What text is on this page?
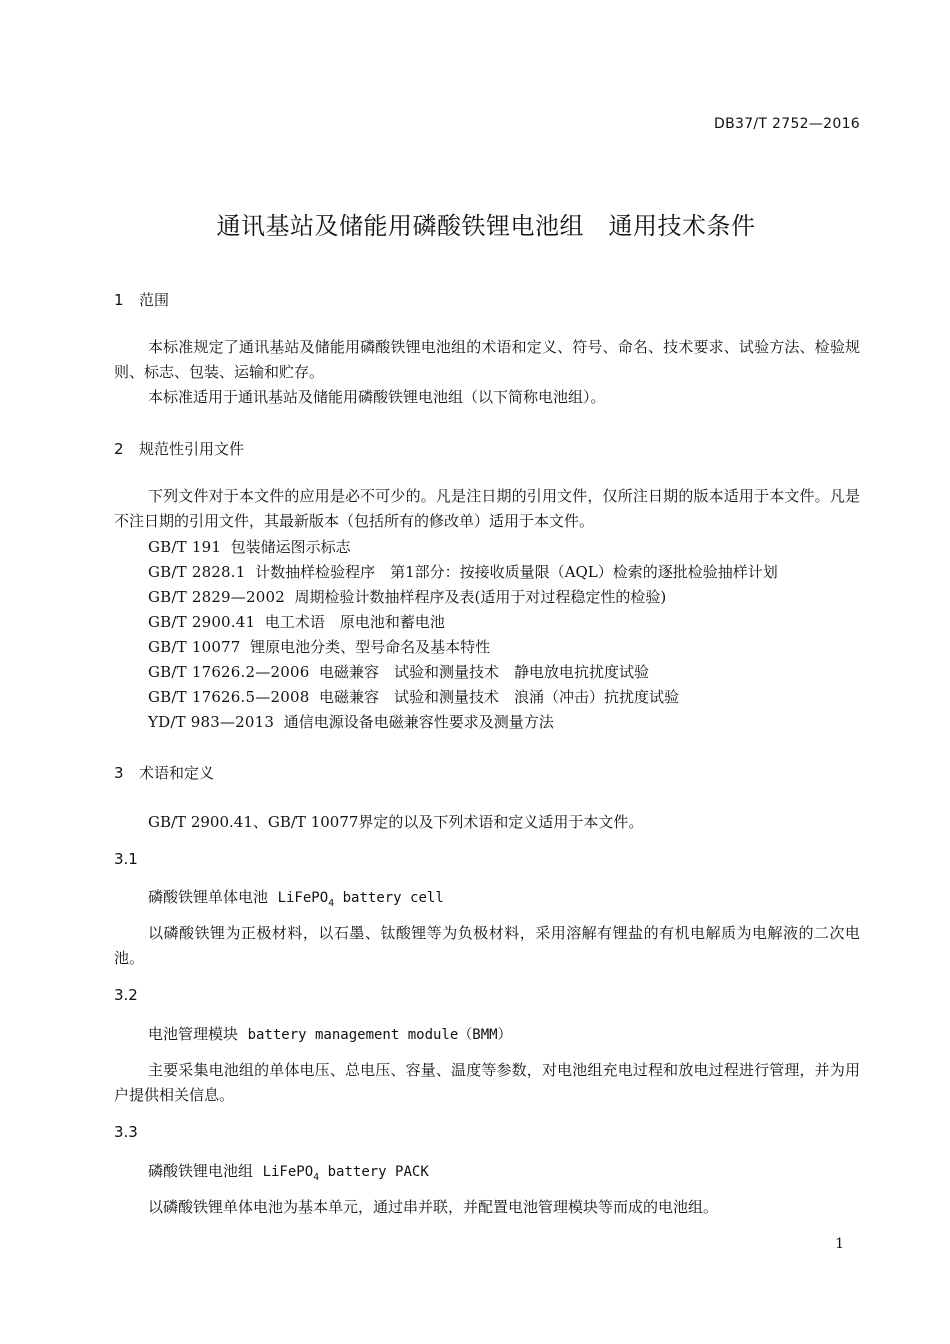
DB37/T 2752—2016
通讯基站及储能用磷酸铁锂电池组　通用技术条件
1 范围

本标准规定了通讯基站及储能用磷酸铁锂电池组的术语和定义、符号、命名、技术要求、试验方法、检验规则、标志、包装、运输和贮存。

本标准适用于通讯基站及储能用磷酸铁锂电池组（以下简称电池组）。

2 规范性引用文件

下列文件对于本文件的应用是必不可少的。凡是注日期的引用文件，仅所注日期的版本适用于本文件。凡是不注日期的引用文件，其最新版本（包括所有的修改单）适用于本文件。

GB/T 191 包装储运图示标志
GB/T 2828.1 计数抽样检验程序　第1部分：按接收质量限（AQL）检索的逐批检验抽样计划
GB/T 2829—2002 周期检验计数抽样程序及表(适用于对过程稳定性的检验)
GB/T 2900.41 电工术语　原电池和蓄电池
GB/T 10077 锂原电池分类、型号命名及基本特性
GB/T 17626.2—2006 电磁兼容　试验和测量技术　静电放电抗扰度试验
GB/T 17626.5—2008 电磁兼容　试验和测量技术　浪涌（冲击）抗扰度试验
YD/T 983—2013 通信电源设备电磁兼容性要求及测量方法
3 术语和定义
GB/T 2900.41、GB/T 10077界定的以及下列术语和定义适用于本文件。
3.1
磷酸铁锂单体电池 LiFePO$_4$ battery cell

以磷酸铁锂为正极材料，以石墨、钛酸锂等为负极材料，采用溶解有锂盐的有机电解质为电解液的二次电池。

3.2
电池管理模块 battery management module（BMM）

主要采集电池组的单体电压、总电压、容量、温度等参数，对电池组充电过程和放电过程进行管理，并为用户提供相关信息。

3.3
磷酸铁锂电池组 LiFePO$_4$ battery PACK

以磷酸铁锂单体电池为基本单元，通过串并联，并配置电池管理模块等而成的电池组。

1
